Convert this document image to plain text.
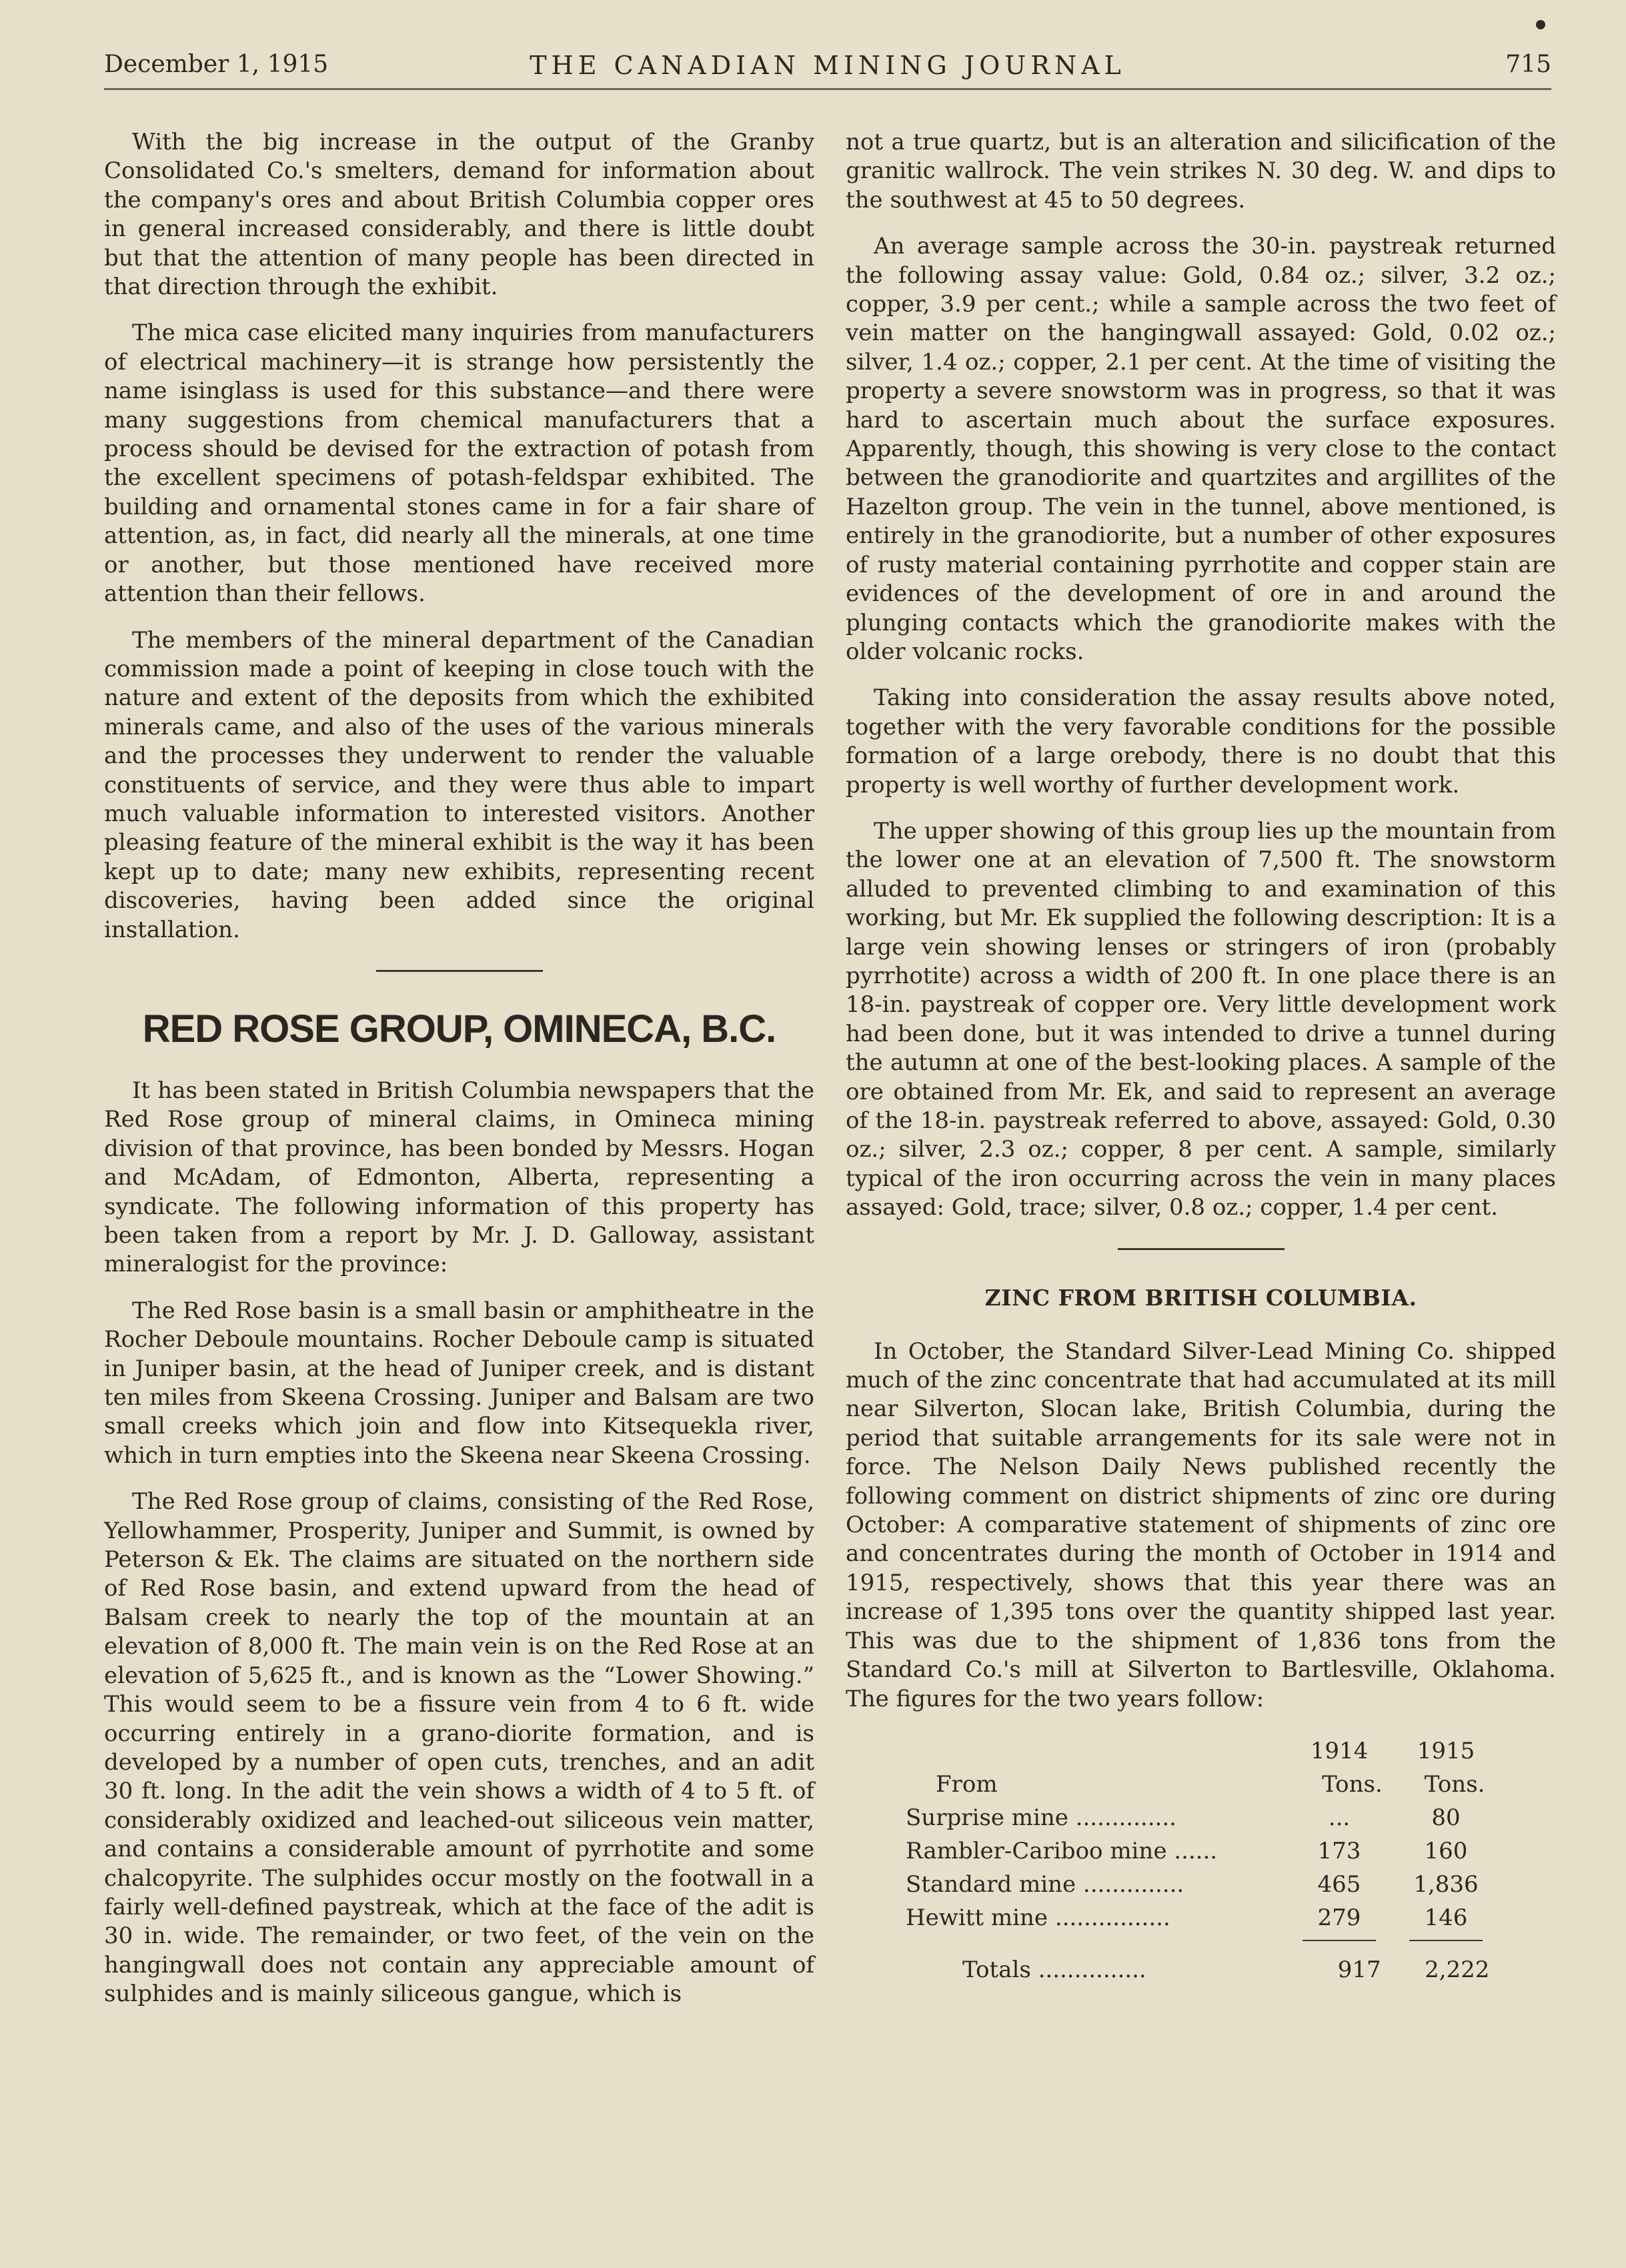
December 1, 1915	THE CANADIAN MINING JOURNAL	715

With the big increase in the output of the Granby Consolidated Co.'s smelters, demand for information about the company's ores and about British Columbia copper ores in general increased considerably, and there is little doubt but that the attention of many people has been directed in that direction through the exhibit.

The mica case elicited many inquiries from manufacturers of electrical machinery—it is strange how persistently the name isinglass is used for this substance—and there were many suggestions from chemical manufacturers that a process should be devised for the extraction of potash from the excellent specimens of potash-feldspar exhibited. The building and ornamental stones came in for a fair share of attention, as, in fact, did nearly all the minerals, at one time or another, but those mentioned have received more attention than their fellows.

The members of the mineral department of the Canadian commission made a point of keeping in close touch with the nature and extent of the deposits from which the exhibited minerals came, and also of the uses of the various minerals and the processes they underwent to render the valuable constituents of service, and they were thus able to impart much valuable information to interested visitors. Another pleasing feature of the mineral exhibit is the way it has been kept up to date; many new exhibits, representing recent discoveries, having been added since the original installation.

RED ROSE GROUP, OMINECA, B.C.

It has been stated in British Columbia newspapers that the Red Rose group of mineral claims, in Omineca mining division of that province, has been bonded by Messrs. Hogan and McAdam, of Edmonton, Alberta, representing a syndicate. The following information of this property has been taken from a report by Mr. J. D. Galloway, assistant mineralogist for the province:

The Red Rose basin is a small basin or amphitheatre in the Rocher Deboule mountains. Rocher Deboule camp is situated in Juniper basin, at the head of Juniper creek, and is distant ten miles from Skeena Crossing. Juniper and Balsam are two small creeks which join and flow into Kitsequekla river, which in turn empties into the Skeena near Skeena Crossing.

The Red Rose group of claims, consisting of the Red Rose, Yellowhammer, Prosperity, Juniper and Summit, is owned by Peterson & Ek. The claims are situated on the northern side of Red Rose basin, and extend upward from the head of Balsam creek to nearly the top of the mountain at an elevation of 8,000 ft. The main vein is on the Red Rose at an elevation of 5,625 ft., and is known as the “Lower Showing.” This would seem to be a fissure vein from 4 to 6 ft. wide occurring entirely in a grano-diorite formation, and is developed by a number of open cuts, trenches, and an adit 30 ft. long. In the adit the vein shows a width of 4 to 5 ft. of considerably oxidized and leached-out siliceous vein matter, and contains a considerable amount of pyrrhotite and some chalcopyrite. The sulphides occur mostly on the footwall in a fairly well-defined paystreak, which at the face of the adit is 30 in. wide. The remainder, or two feet, of the vein on the hangingwall does not contain any appreciable amount of sulphides and is mainly siliceous gangue, which is

not a true quartz, but is an alteration and silicification of the granitic wallrock. The vein strikes N. 30 deg. W. and dips to the southwest at 45 to 50 degrees.

An average sample across the 30-in. paystreak returned the following assay value: Gold, 0.84 oz.; silver, 3.2 oz.; copper, 3.9 per cent.; while a sample across the two feet of vein matter on the hangingwall assayed: Gold, 0.02 oz.; silver, 1.4 oz.; copper, 2.1 per cent. At the time of visiting the property a severe snowstorm was in progress, so that it was hard to ascertain much about the surface exposures. Apparently, though, this showing is very close to the contact between the granodiorite and quartzites and argillites of the Hazelton group. The vein in the tunnel, above mentioned, is entirely in the granodiorite, but a number of other exposures of rusty material containing pyrrhotite and copper stain are evidences of the development of ore in and around the plunging contacts which the granodiorite makes with the older volcanic rocks.

Taking into consideration the assay results above noted, together with the very favorable conditions for the possible formation of a large orebody, there is no doubt that this property is well worthy of further development work.

The upper showing of this group lies up the mountain from the lower one at an elevation of 7,500 ft. The snowstorm alluded to prevented climbing to and examination of this working, but Mr. Ek supplied the following description: It is a large vein showing lenses or stringers of iron (probably pyrrhotite) across a width of 200 ft. In one place there is an 18-in. paystreak of copper ore. Very little development work had been done, but it was intended to drive a tunnel during the autumn at one of the best-looking places. A sample of the ore obtained from Mr. Ek, and said to represent an average of the 18-in. paystreak referred to above, assayed: Gold, 0.30 oz.; silver, 2.3 oz.; copper, 8 per cent. A sample, similarly typical of the iron occurring across the vein in many places assayed: Gold, trace; silver, 0.8 oz.; copper, 1.4 per cent.

ZINC FROM BRITISH COLUMBIA.

In October, the Standard Silver-Lead Mining Co. shipped much of the zinc concentrate that had accumulated at its mill near Silverton, Slocan lake, British Columbia, during the period that suitable arrangements for its sale were not in force. The Nelson Daily News published recently the following comment on district shipments of zinc ore during October: A comparative statement of shipments of zinc ore and concentrates during the month of October in 1914 and 1915, respectively, shows that this year there was an increase of 1,395 tons over the quantity shipped last year. This was due to the shipment of 1,836 tons from the Standard Co.'s mill at Silverton to Bartlesville, Oklahoma. The figures for the two years follow:

1914	1915
From	Tons.	Tons.
Surprise mine ..............	...	80
Rambler-Cariboo mine ......	173	160
Standard mine ..............	465	1,836
Hewitt mine ................	279	146
Totals ...............	917	2,222
